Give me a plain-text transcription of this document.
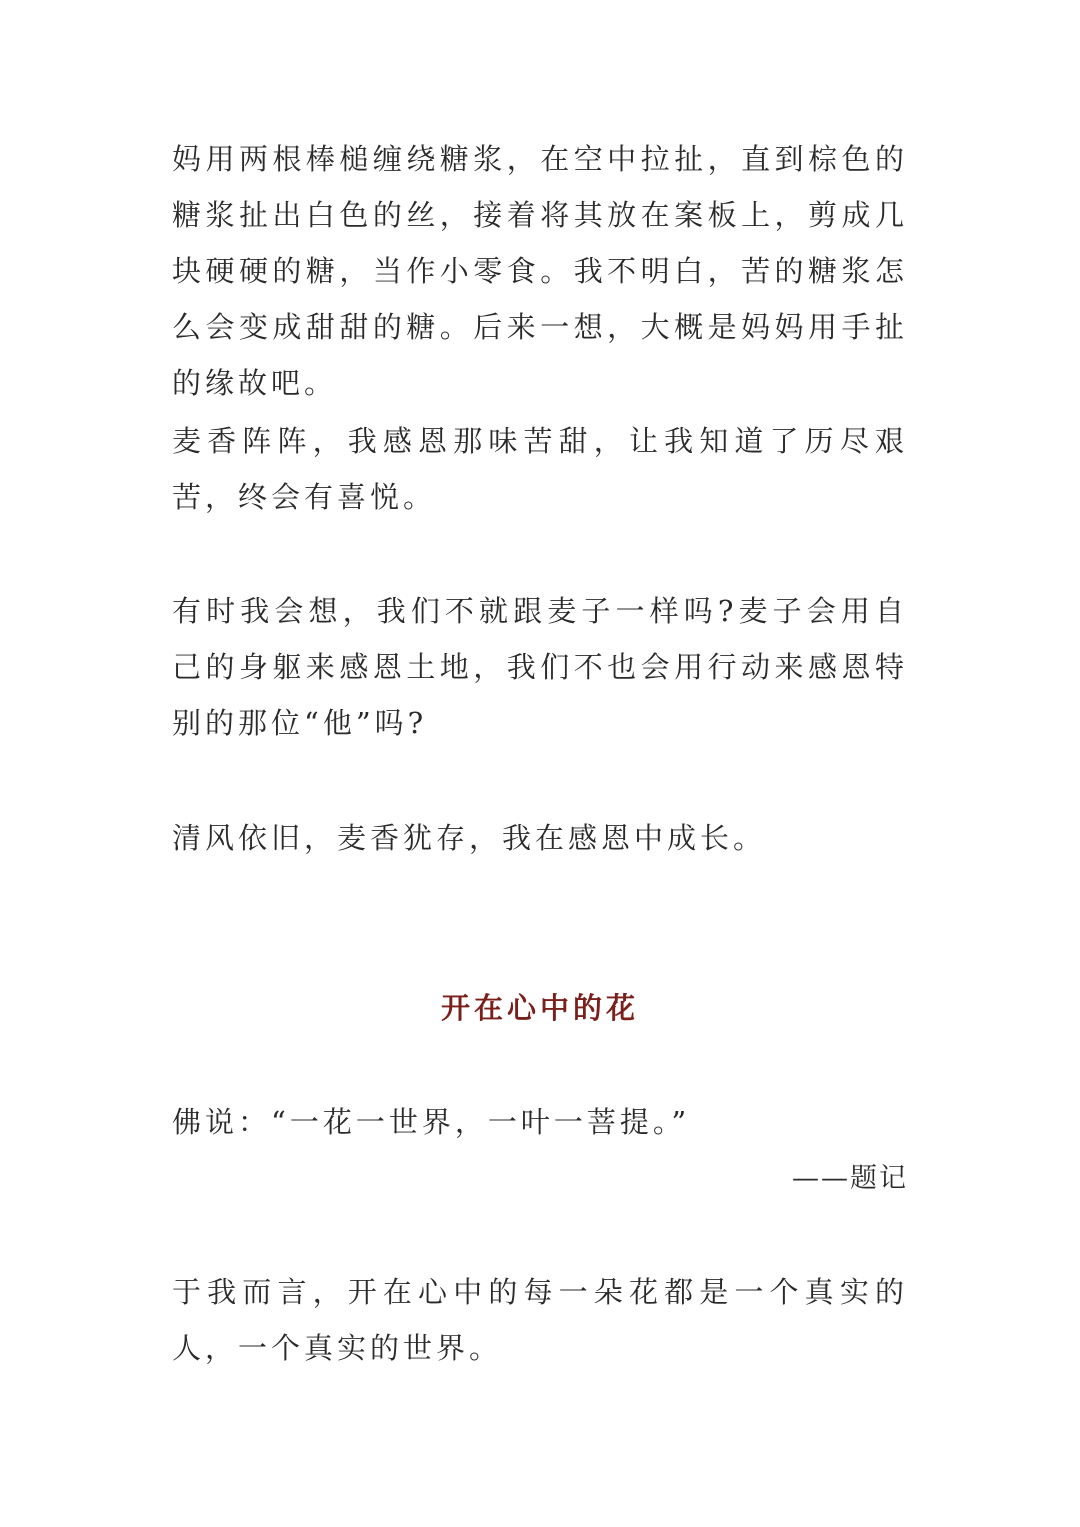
妈用两根棒槌缠绕糖浆，在空中拉扯，直到棕色的糖浆扯出白色的丝，接着将其放在案板上，剪成几块硬硬的糖，当作小零食。我不明白，苦的糖浆怎么会变成甜甜的糖。后来一想，大概是妈妈用手扯的缘故吧。

麦香阵阵，我感恩那味苦甜，让我知道了历尽艰苦，终会有喜悦。

有时我会想，我们不就跟麦子一样吗?麦子会用自己的身躯来感恩土地，我们不也会用行动来感恩特别的那位“他”吗?

清风依旧，麦香犹存，我在感恩中成长。

开在心中的花

佛说：“一花一世界，一叶一菩提。”

——题记

于我而言，开在心中的每一朵花都是一个真实的人，一个真实的世界。
